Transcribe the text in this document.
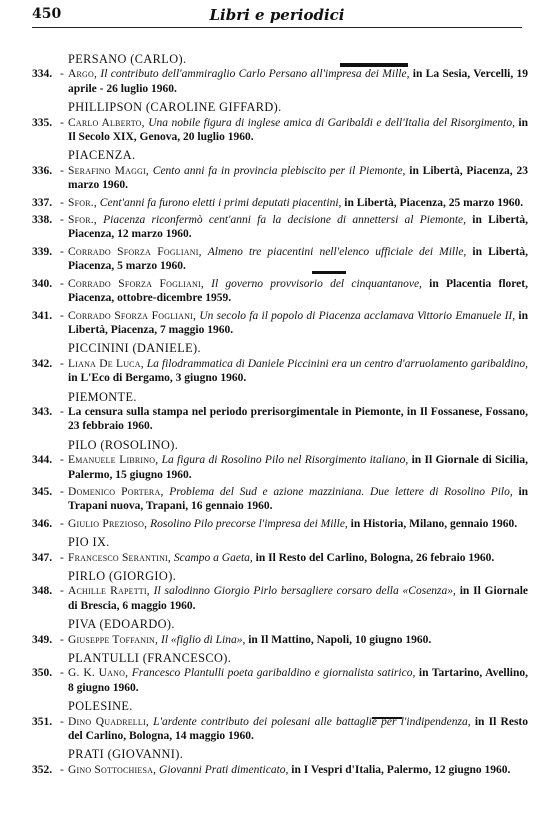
450	Libri e periodici
PERSANO (CARLO).
334. - Argo, Il contributo dell'ammiraglio Carlo Persano all'impresa dei Mille, in La Sesia, Vercelli, 19 aprile - 26 luglio 1960.
PHILLIPSON (CAROLINE GIFFARD).
335. - Carlo Alberto, Una nobile figura di inglese amica di Garibaldi e dell'Italia del Risorgimento, in Il Secolo XIX, Genova, 20 luglio 1960.
PIACENZA.
336. - Serafino Maggi, Cento anni fa in provincia plebiscito per il Piemonte, in Libertà, Piacenza, 23 marzo 1960.
337. - Sfor., Cent'anni fa furono eletti i primi deputati piacentini, in Libertà, Piacenza, 25 marzo 1960.
338. - Sfor., Piacenza riconfermò cent'anni fa la decisione di annettersi al Piemonte, in Libertà, Piacenza, 12 marzo 1960.
339. - Corrado Sforza Fogliani, Almeno tre piacentini nell'elenco ufficiale dei Mille, in Libertà, Piacenza, 5 marzo 1960.
340. - Corrado Sforza Fogliani, Il governo provvisorio del cinquantanove, in Placentia floret, Piacenza, ottobre-dicembre 1959.
341. - Corrado Sforza Fogliani, Un secolo fa il popolo di Piacenza acclamava Vittorio Emanuele II, in Libertà, Piacenza, 7 maggio 1960.
PICCININI (DANIELE).
342. - Liana De Luca, La filodrammatica di Daniele Piccinini era un centro d'arruolamento garibaldino, in L'Eco di Bergamo, 3 giugno 1960.
PIEMONTE.
343. - La censura sulla stampa nel periodo prerisorgimentale in Piemonte, in Il Fossanese, Fossano, 23 febbraio 1960.
PILO (ROSOLINO).
344. - Emanuele Librino, La figura di Rosolino Pilo nel Risorgimento italiano, in Il Giornale di Sicilia, Palermo, 15 giugno 1960.
345. - Domenico Portera, Problema del Sud e azione mazziniana. Due lettere di Rosolino Pilo, in Trapani nuova, Trapani, 16 gennaio 1960.
346. - Giulio Prezioso, Rosolino Pilo precorse l'impresa dei Mille, in Historia, Milano, gennaio 1960.
PIO IX.
347. - Francesco Serantini, Scampo a Gaeta, in Il Resto del Carlino, Bologna, 26 febraio 1960.
PIRLO (GIORGIO).
348. - Achille Rapetti, Il salodinno Giorgio Pirlo bersagliere corsaro della «Cosenza», in Il Giornale di Brescia, 6 maggio 1960.
PIVA (EDOARDO).
349. - Giuseppe Toffanin, Il «figlio di Lina», in Il Mattino, Napoli, 10 giugno 1960.
PLANTULLI (FRANCESCO).
350. - G. K. Uano, Francesco Plantulli poeta garibaldino e giornalista satirico, in Tartarino, Avellino, 8 giugno 1960.
POLESINE.
351. - Dino Quadrelli, L'ardente contributo dei polesani alle battaglie per l'indipendenza, in Il Resto del Carlino, Bologna, 14 maggio 1960.
PRATI (GIOVANNI).
352. - Gino Sottochiesa, Giovanni Prati dimenticato, in I Vespri d'Italia, Palermo, 12 giugno 1960.
